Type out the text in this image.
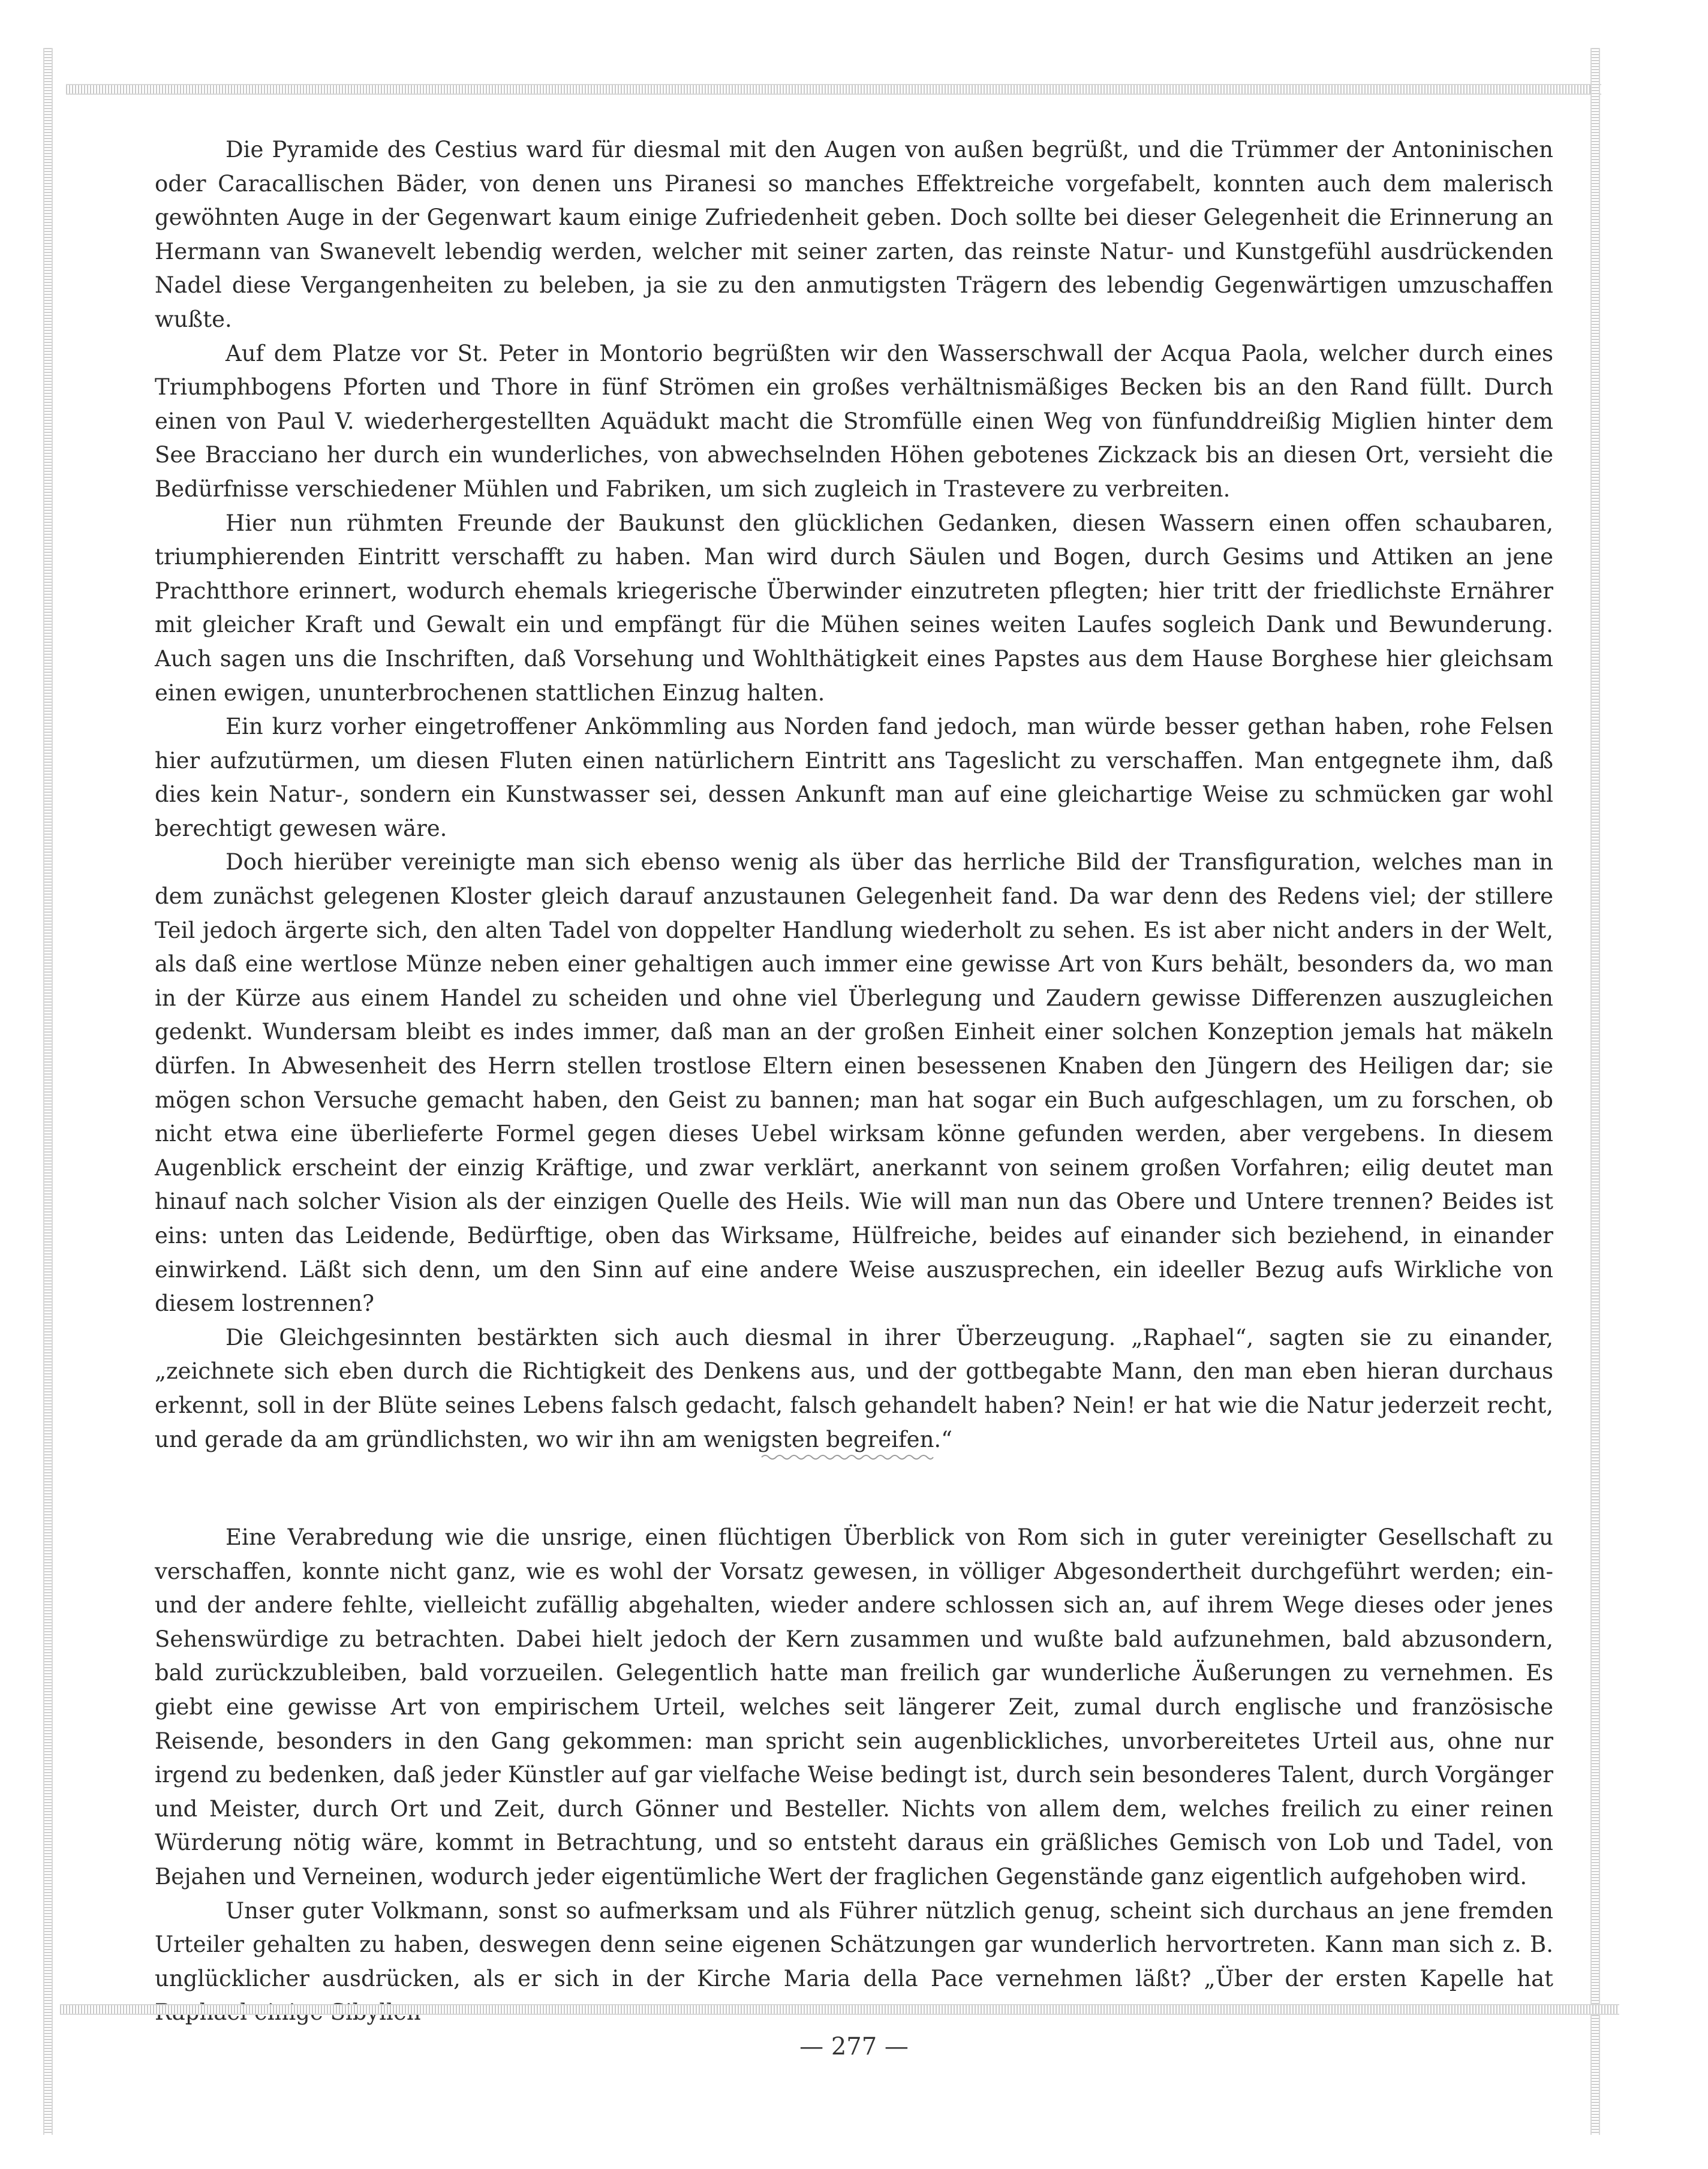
Die Pyramide des Cestius ward für diesmal mit den Augen von außen begrüßt, und die Trümmer der Antoninischen oder Caracallischen Bäder, von denen uns Piranesi so manches Effektreiche vorgefabelt, konnten auch dem malerisch gewöhnten Auge in der Gegenwart kaum einige Zufriedenheit geben. Doch sollte bei dieser Gelegenheit die Erinnerung an Hermann van Swanevelt lebendig werden, welcher mit seiner zarten, das reinste Natur- und Kunstgefühl ausdrückenden Nadel diese Vergangenheiten zu beleben, ja sie zu den anmutigsten Trägern des lebendig Gegenwärtigen umzuschaffen wußte.

Auf dem Platze vor St. Peter in Montorio begrüßten wir den Wasserschwall der Acqua Paola, welcher durch eines Triumphbogens Pforten und Thore in fünf Strömen ein großes verhältnismäßiges Becken bis an den Rand füllt. Durch einen von Paul V. wiederhergestellten Aquädukt macht die Stromfülle einen Weg von fünfunddreißig Miglien hinter dem See Bracciano her durch ein wunderliches, von abwechselnden Höhen gebotenes Zickzack bis an diesen Ort, versieht die Bedürfnisse verschiedener Mühlen und Fabriken, um sich zugleich in Trastevere zu verbreiten.

Hier nun rühmten Freunde der Baukunst den glücklichen Gedanken, diesen Wassern einen offen schaubaren, triumphierenden Eintritt verschafft zu haben. Man wird durch Säulen und Bogen, durch Gesims und Attiken an jene Prachtthore erinnert, wodurch ehemals kriegerische Überwinder einzutreten pflegten; hier tritt der friedlichste Ernährer mit gleicher Kraft und Gewalt ein und empfängt für die Mühen seines weiten Laufes sogleich Dank und Bewunderung. Auch sagen uns die Inschriften, daß Vorsehung und Wohlthätigkeit eines Papstes aus dem Hause Borghese hier gleichsam einen ewigen, ununterbrochenen stattlichen Einzug halten.

Ein kurz vorher eingetroffener Ankömmling aus Norden fand jedoch, man würde besser gethan haben, rohe Felsen hier aufzutürmen, um diesen Fluten einen natürlichern Eintritt ans Tageslicht zu verschaffen. Man entgegnete ihm, daß dies kein Natur-, sondern ein Kunstwasser sei, dessen Ankunft man auf eine gleichartige Weise zu schmücken gar wohl berechtigt gewesen wäre.

Doch hierüber vereinigte man sich ebenso wenig als über das herrliche Bild der Transfiguration, welches man in dem zunächst gelegenen Kloster gleich darauf anzustaunen Gelegenheit fand. Da war denn des Redens viel; der stillere Teil jedoch ärgerte sich, den alten Tadel von doppelter Handlung wiederholt zu sehen. Es ist aber nicht anders in der Welt, als daß eine wertlose Münze neben einer gehaltigen auch immer eine gewisse Art von Kurs behält, besonders da, wo man in der Kürze aus einem Handel zu scheiden und ohne viel Überlegung und Zaudern gewisse Differenzen auszugleichen gedenkt. Wundersam bleibt es indes immer, daß man an der großen Einheit einer solchen Konzeption jemals hat mäkeln dürfen. In Abwesenheit des Herrn stellen trostlose Eltern einen besessenen Knaben den Jüngern des Heiligen dar; sie mögen schon Versuche gemacht haben, den Geist zu bannen; man hat sogar ein Buch aufgeschlagen, um zu forschen, ob nicht etwa eine überlieferte Formel gegen dieses Uebel wirksam könne gefunden werden, aber vergebens. In diesem Augenblick erscheint der einzig Kräftige, und zwar verklärt, anerkannt von seinem großen Vorfahren; eilig deutet man hinauf nach solcher Vision als der einzigen Quelle des Heils. Wie will man nun das Obere und Untere trennen? Beides ist eins: unten das Leidende, Bedürftige, oben das Wirksame, Hülfreiche, beides auf einander sich beziehend, in einander einwirkend. Läßt sich denn, um den Sinn auf eine andere Weise auszusprechen, ein ideeller Bezug aufs Wirkliche von diesem lostrennen?

Die Gleichgesinnten bestärkten sich auch diesmal in ihrer Überzeugung. „Raphael“, sagten sie zu einander, „zeichnete sich eben durch die Richtigkeit des Denkens aus, und der gottbegabte Mann, den man eben hieran durchaus erkennt, soll in der Blüte seines Lebens falsch gedacht, falsch gehandelt haben? Nein! er hat wie die Natur jederzeit recht, und gerade da am gründlichsten, wo wir ihn am wenigsten begreifen.“

Eine Verabredung wie die unsrige, einen flüchtigen Überblick von Rom sich in guter vereinigter Gesellschaft zu verschaffen, konnte nicht ganz, wie es wohl der Vorsatz gewesen, in völliger Abgesondertheit durchgeführt werden; ein- und der andere fehlte, vielleicht zufällig abgehalten, wieder andere schlossen sich an, auf ihrem Wege dieses oder jenes Sehenswürdige zu betrachten. Dabei hielt jedoch der Kern zusammen und wußte bald aufzunehmen, bald abzusondern, bald zurückzubleiben, bald vorzueilen. Gelegentlich hatte man freilich gar wunderliche Äußerungen zu vernehmen. Es giebt eine gewisse Art von empirischem Urteil, welches seit längerer Zeit, zumal durch englische und französische Reisende, besonders in den Gang gekommen: man spricht sein augenblickliches, unvorbereitetes Urteil aus, ohne nur irgend zu bedenken, daß jeder Künstler auf gar vielfache Weise bedingt ist, durch sein besonderes Talent, durch Vorgänger und Meister, durch Ort und Zeit, durch Gönner und Besteller. Nichts von allem dem, welches freilich zu einer reinen Würderung nötig wäre, kommt in Betrachtung, und so entsteht daraus ein gräßliches Gemisch von Lob und Tadel, von Bejahen und Verneinen, wodurch jeder eigentümliche Wert der fraglichen Gegenstände ganz eigentlich aufgehoben wird.

Unser guter Volkmann, sonst so aufmerksam und als Führer nützlich genug, scheint sich durchaus an jene fremden Urteiler gehalten zu haben, deswegen denn seine eigenen Schätzungen gar wunderlich hervortreten. Kann man sich z. B. unglücklicher ausdrücken, als er sich in der Kirche Maria della Pace vernehmen läßt? „Über der ersten Kapelle hat

— 277 —
